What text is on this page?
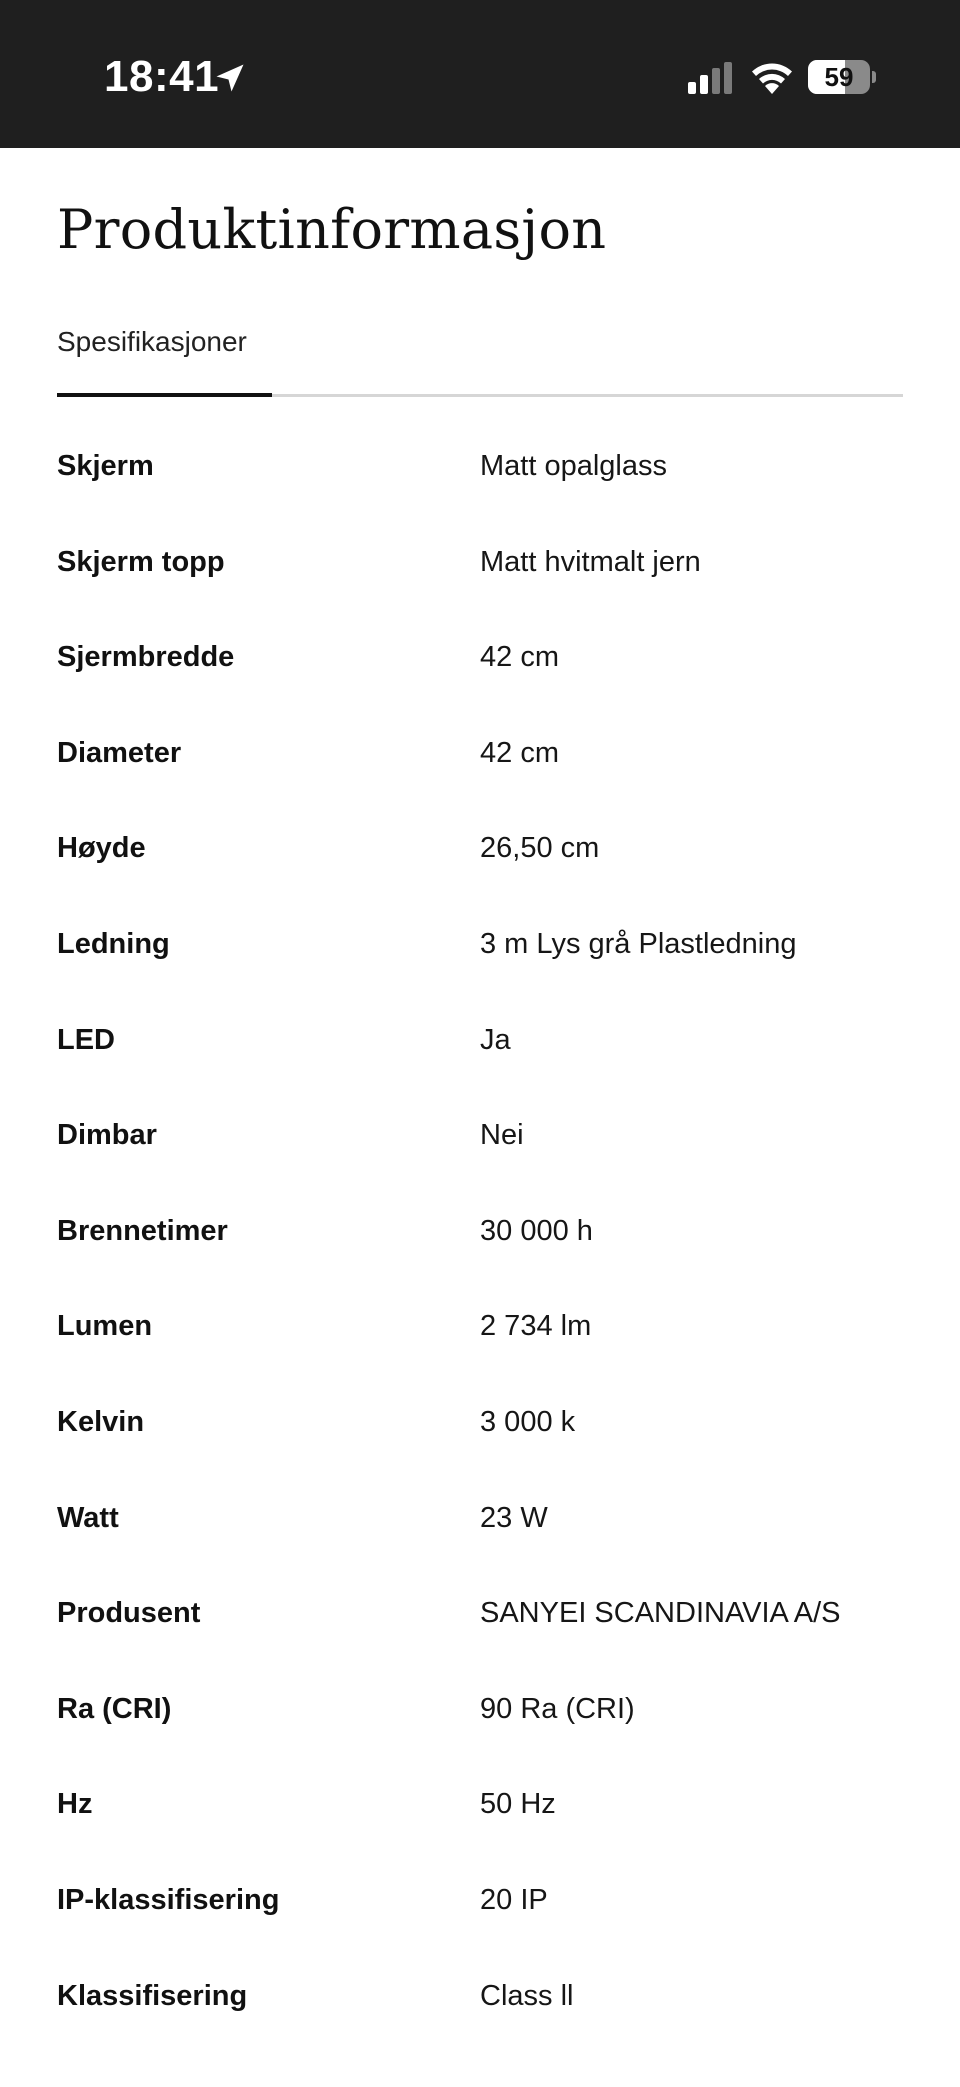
18:41	59
Produktinformasjon
Spesifikasjoner
Skjerm	Matt opalglass
Skjerm topp	Matt hvitmalt jern
Sjermbredde	42 cm
Diameter	42 cm
Høyde	26,50 cm
Ledning	3 m Lys grå Plastledning
LED	Ja
Dimbar	Nei
Brennetimer	30 000 h
Lumen	2 734 lm
Kelvin	3 000 k
Watt	23 W
Produsent	SANYEI SCANDINAVIA A/S
Ra (CRI)	90 Ra (CRI)
Hz	50 Hz
IP-klassifisering	20 IP
Klassifisering	Class ll
